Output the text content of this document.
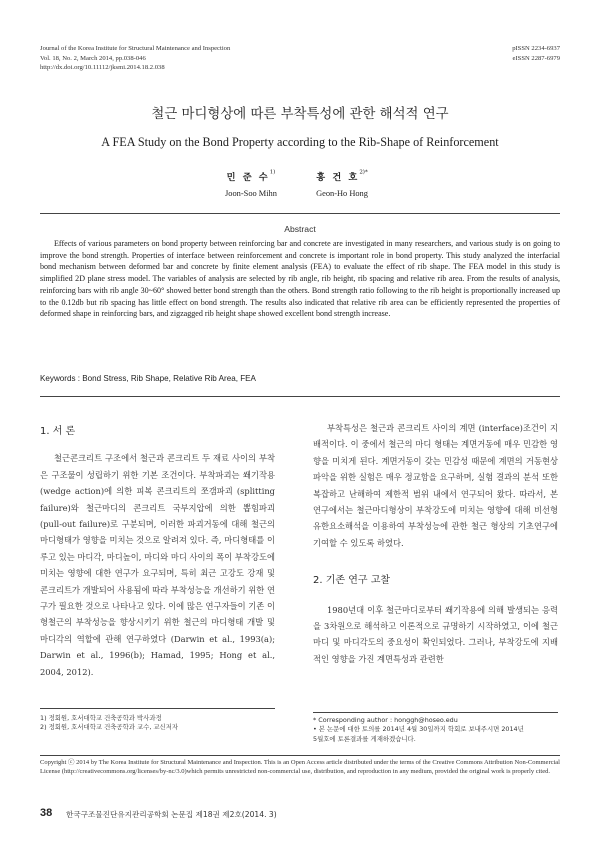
Journal of the Korea Institute for Structural Maintenance and Inspection
Vol. 18, No. 2, March 2014, pp.038-046
http://dx.doi.org/10.11112/jksmi.2014.18.2.038
pISSN 2234-6937
eISSN 2287-6979
철근 마디형상에 따른 부착특성에 관한 해석적 연구
A FEA Study on the Bond Property according to the Rib-Shape of Reinforcement
민 준 수$^{1)}$
Joon-Soo Mihn
홍 건 호$^{2)*}$
Geon-Ho Hong
Abstract
Effects of various parameters on bond property between reinforcing bar and concrete are investigated in many researchers, and various study is on going to improve the bond strength. Properties of interface between reinforcement and concrete is important role in bond property. This study analyzed the interfacial bond mechanism between deformed bar and concrete by finite element analysis (FEA) to evaluate the effect of rib shape. The FEA model in this study is simplified 2D plane stress model. The variables of analysis are selected by rib angle, rib height, rib spacing and relative rib area. From the results of analysis, reinforcing bars with rib angle 30~60° showed better bond strength than the others. Bond strength ratio following to the rib height is proportionally increased up to the 0.12db but rib spacing has little effect on bond strength. The results also indicated that relative rib area can be efficiently represented the properties of deformed shape in reinforcing bars, and zigzagged rib height shape showed excellent bond strength increase.
Keywords : Bond Stress, Rib Shape, Relative Rib Area, FEA
1. 서 론

철근콘크리트 구조에서 철근과 콘크리트 두 재료 사이의 부착은 구조물이 성립하기 위한 기본 조건이다. 부착파괴는 쐐기작용 (wedge action)에 의한 피복 콘크리트의 쪼갬파괴 (splitting failure)와 철근마디의 콘크리트 국부지압에 의한 뽑힘파괴 (pull-out failure)로 구분되며, 이러한 파괴거동에 대해 철근의 마디형태가 영향을 미치는 것으로 알려져 있다. 즉, 마디형태를 이루고 있는 마디각, 마디높이, 마디와 마디 사이의 폭이 부착강도에 미치는 영향에 대한 연구가 요구되며, 특히 최근 고강도 강재 및 콘크리트가 개발되어 사용됨에 따라 부착성능을 개선하기 위한 연구가 필요한 것으로 나타나고 있다. 이에 많은 연구자들이 기존 이형철근의 부착성능을 향상시키기 위한 철근의 마디형태 개발 및 마디각의 역할에 관해 연구하였다 (Darwin et al., 1993(a); Darwin et al., 1996(b); Hamad, 1995; Hong et al., 2004, 2012).

1) 정회원, 호서대학교 건축공학과 박사과정
2) 정회원, 호서대학교 건축공학과 교수, 교신저자

부착특성은 철근과 콘크리트 사이의 계면 (interface)조건이 지배적이다. 이 중에서 철근의 마디 형태는 계면거동에 매우 민감한 영향을 미치게 된다. 계면거동이 갖는 민감성 때문에 계면의 거동현상 파악을 위한 실험은 매우 정교함을 요구하며, 실험 결과의 분석 또한 복잡하고 난해하여 제한적 범위 내에서 연구되어 왔다. 따라서, 본 연구에서는 철근마디형상이 부착강도에 미치는 영향에 대해 비선형 유한요소해석을 이용하여 부착성능에 관한 철근 형상의 기초연구에 기여할 수 있도록 하였다.

2. 기존 연구 고찰

1980년대 이후 철근마디로부터 쐐기작용에 의해 발생되는 응력을 3차원으로 해석하고 이론적으로 규명하기 시작하였고, 이에 철근마디 및 마디각도의 중요성이 확인되었다. 그러나, 부착강도에 지배적인 영향을 가진 계면특성과 관련한

* Corresponding author : honggh@hoseo.edu
• 본 논문에 대한 토의를 2014년 4월 30일까지 학회로 보내주시면 2014년
5월호에 토론결과를 게재하겠습니다.
Copyright ⓒ 2014 by The Korea Institute for Structural Maintenance and Inspection. This is an Open Access article distributed under the terms of the Creative Commons Attribution Non-Commercial License (http://creativecommons.org/licenses/by-nc/3.0)which permits unrestricted non-commercial use, distribution, and reproduction in any medium, provided the original work is properly cited.
38 한국구조물진단유지관리공학회 논문집 제18권 제2호(2014. 3)
